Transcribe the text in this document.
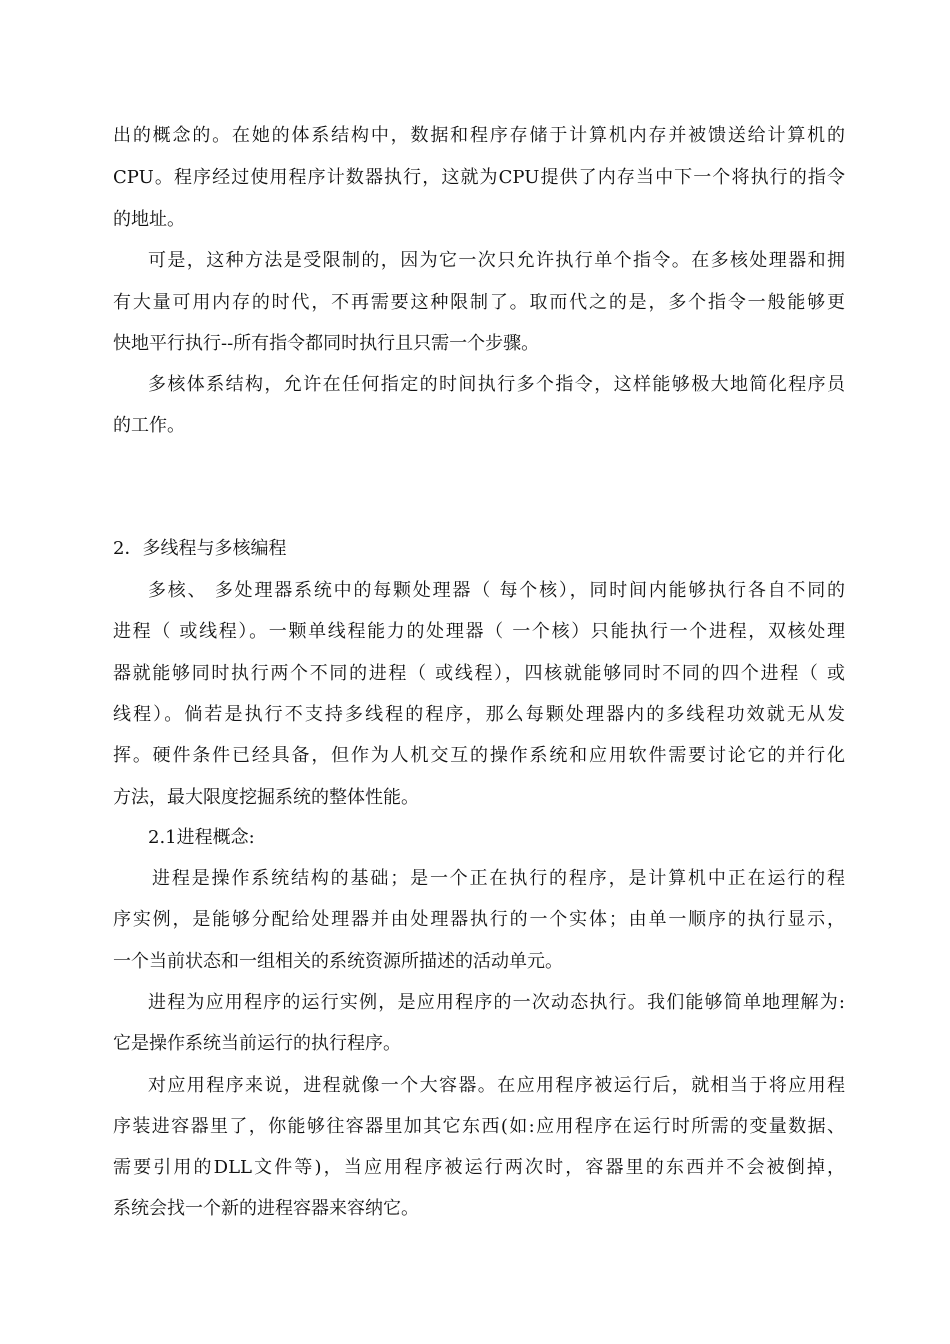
出的概念的。在她的体系结构中，数据和程序存储于计算机内存并被馈送给计算机的
CPU。程序经过使用程序计数器执行，这就为CPU提供了内存当中下一个将执行的指令
的地址。
可是，这种方法是受限制的，因为它一次只允许执行单个指令。在多核处理器和拥
有大量可用内存的时代，不再需要这种限制了。取而代之的是，多个指令一般能够更
快地平行执行--所有指令都同时执行且只需一个步骤。
多核体系结构，允许在任何指定的时间执行多个指令，这样能够极大地简化程序员
的工作。
2．多线程与多核编程
多核、 多处理器系统中的每颗处理器（ 每个核），同时间内能够执行各自不同的
进程（ 或线程）。一颗单线程能力的处理器（ 一个核）只能执行一个进程，双核处理
器就能够同时执行两个不同的进程（ 或线程），四核就能够同时不同的四个进程（ 或
线程）。倘若是执行不支持多线程的程序，那么每颗处理器内的多线程功效就无从发
挥。硬件条件已经具备，但作为人机交互的操作系统和应用软件需要讨论它的并行化
方法，最大限度挖掘系统的整体性能。
2.1进程概念:
进程是操作系统结构的基础；是一个正在执行的程序，是计算机中正在运行的程
序实例，是能够分配给处理器并由处理器执行的一个实体；由单一顺序的执行显示，
一个当前状态和一组相关的系统资源所描述的活动单元。
进程为应用程序的运行实例，是应用程序的一次动态执行。我们能够简单地理解为:
它是操作系统当前运行的执行程序。
对应用程序来说，进程就像一个大容器。在应用程序被运行后，就相当于将应用程
序装进容器里了，你能够往容器里加其它东西(如:应用程序在运行时所需的变量数据、
需要引用的DLL文件等)，当应用程序被运行两次时，容器里的东西并不会被倒掉，
系统会找一个新的进程容器来容纳它。
